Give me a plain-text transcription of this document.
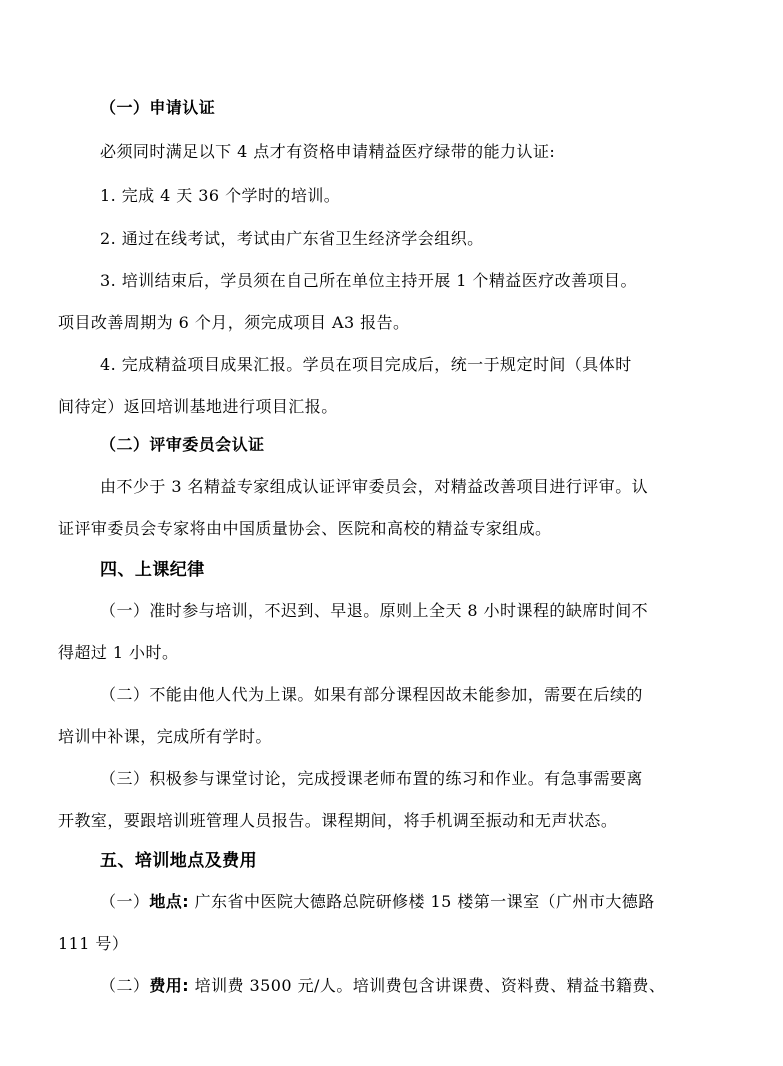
（一）申请认证
必须同时满足以下 4 点才有资格申请精益医疗绿带的能力认证:
1. 完成 4 天 36 个学时的培训。
2. 通过在线考试，考试由广东省卫生经济学会组织。
3. 培训结束后，学员须在自己所在单位主持开展 1 个精益医疗改善项目。
项目改善周期为 6 个月，须完成项目 A3 报告。
4. 完成精益项目成果汇报。学员在项目完成后，统一于规定时间（具体时
间待定）返回培训基地进行项目汇报。
（二）评审委员会认证
由不少于 3 名精益专家组成认证评审委员会，对精益改善项目进行评审。认
证评审委员会专家将由中国质量协会、医院和高校的精益专家组成。
四、上课纪律
（一）准时参与培训，不迟到、早退。原则上全天 8 小时课程的缺席时间不
得超过 1 小时。
（二）不能由他人代为上课。如果有部分课程因故未能参加，需要在后续的
培训中补课，完成所有学时。
（三）积极参与课堂讨论，完成授课老师布置的练习和作业。有急事需要离
开教室，要跟培训班管理人员报告。课程期间，将手机调至振动和无声状态。
五、培训地点及费用
（一）地点: 广东省中医院大德路总院研修楼 15 楼第一课室（广州市大德路
111 号）
（二）费用: 培训费 3500 元/人。培训费包含讲课费、资料费、精益书籍费、
